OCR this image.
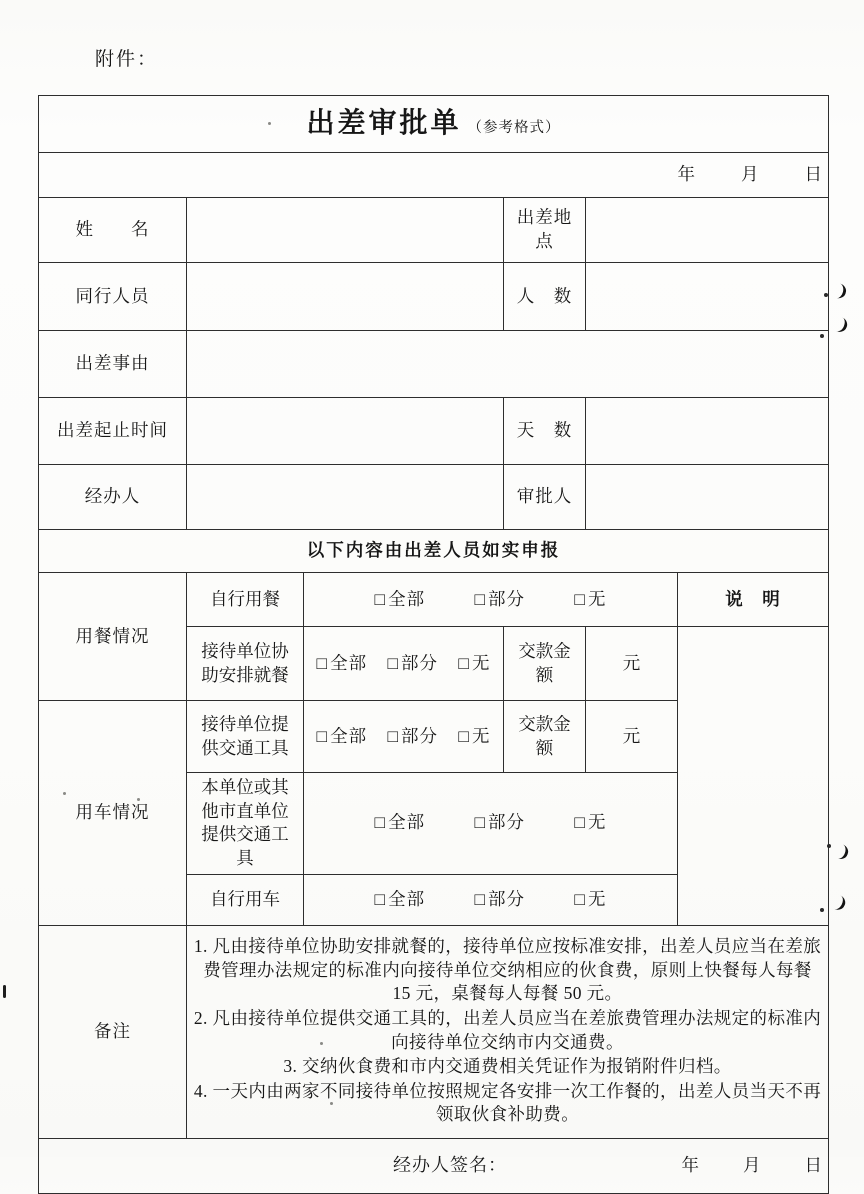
附件：
出差审批单 （参考格式）					

年 月 日					

姓　　名			出差地点		
同行人员			人　数		
出差事由					
出差起止时间			天　数		
经办人			审批人		
以下内容由出差人员如实申报					
用餐情况	自行用餐	□ 全部 □ 部分 □ 无			说　明
	接待单位协助安排就餐	□ 全部 □ 部分 □ 无	交款金额	元	
用车情况	接待单位提供交通工具	□ 全部 □ 部分 □ 无	交款金额	元	
	本单位或其他市直单位提供交通工具	□ 全部 □ 部分 □ 无			
	自行用车	□ 全部 □ 部分 □ 无			
备注	1. 凡由接待单位协助安排就餐的，接待单位应按标准安排，出差人员应当在差旅费管理办法规定的标准内向接待单位交纳相应的伙食费，原则上快餐每人每餐 15 元，桌餐每人每餐 50 元。

2. 凡由接待单位提供交通工具的，出差人员应当在差旅费管理办法规定的标准内向接待单位交纳市内交通费。

3. 交纳伙食费和市内交通费相关凭证作为报销附件归档。

4. 一天内由两家不同接待单位按照规定各安排一次工作餐的，出差人员当天不再领取伙食补助费。				

经办人签名： 年 月 日					
